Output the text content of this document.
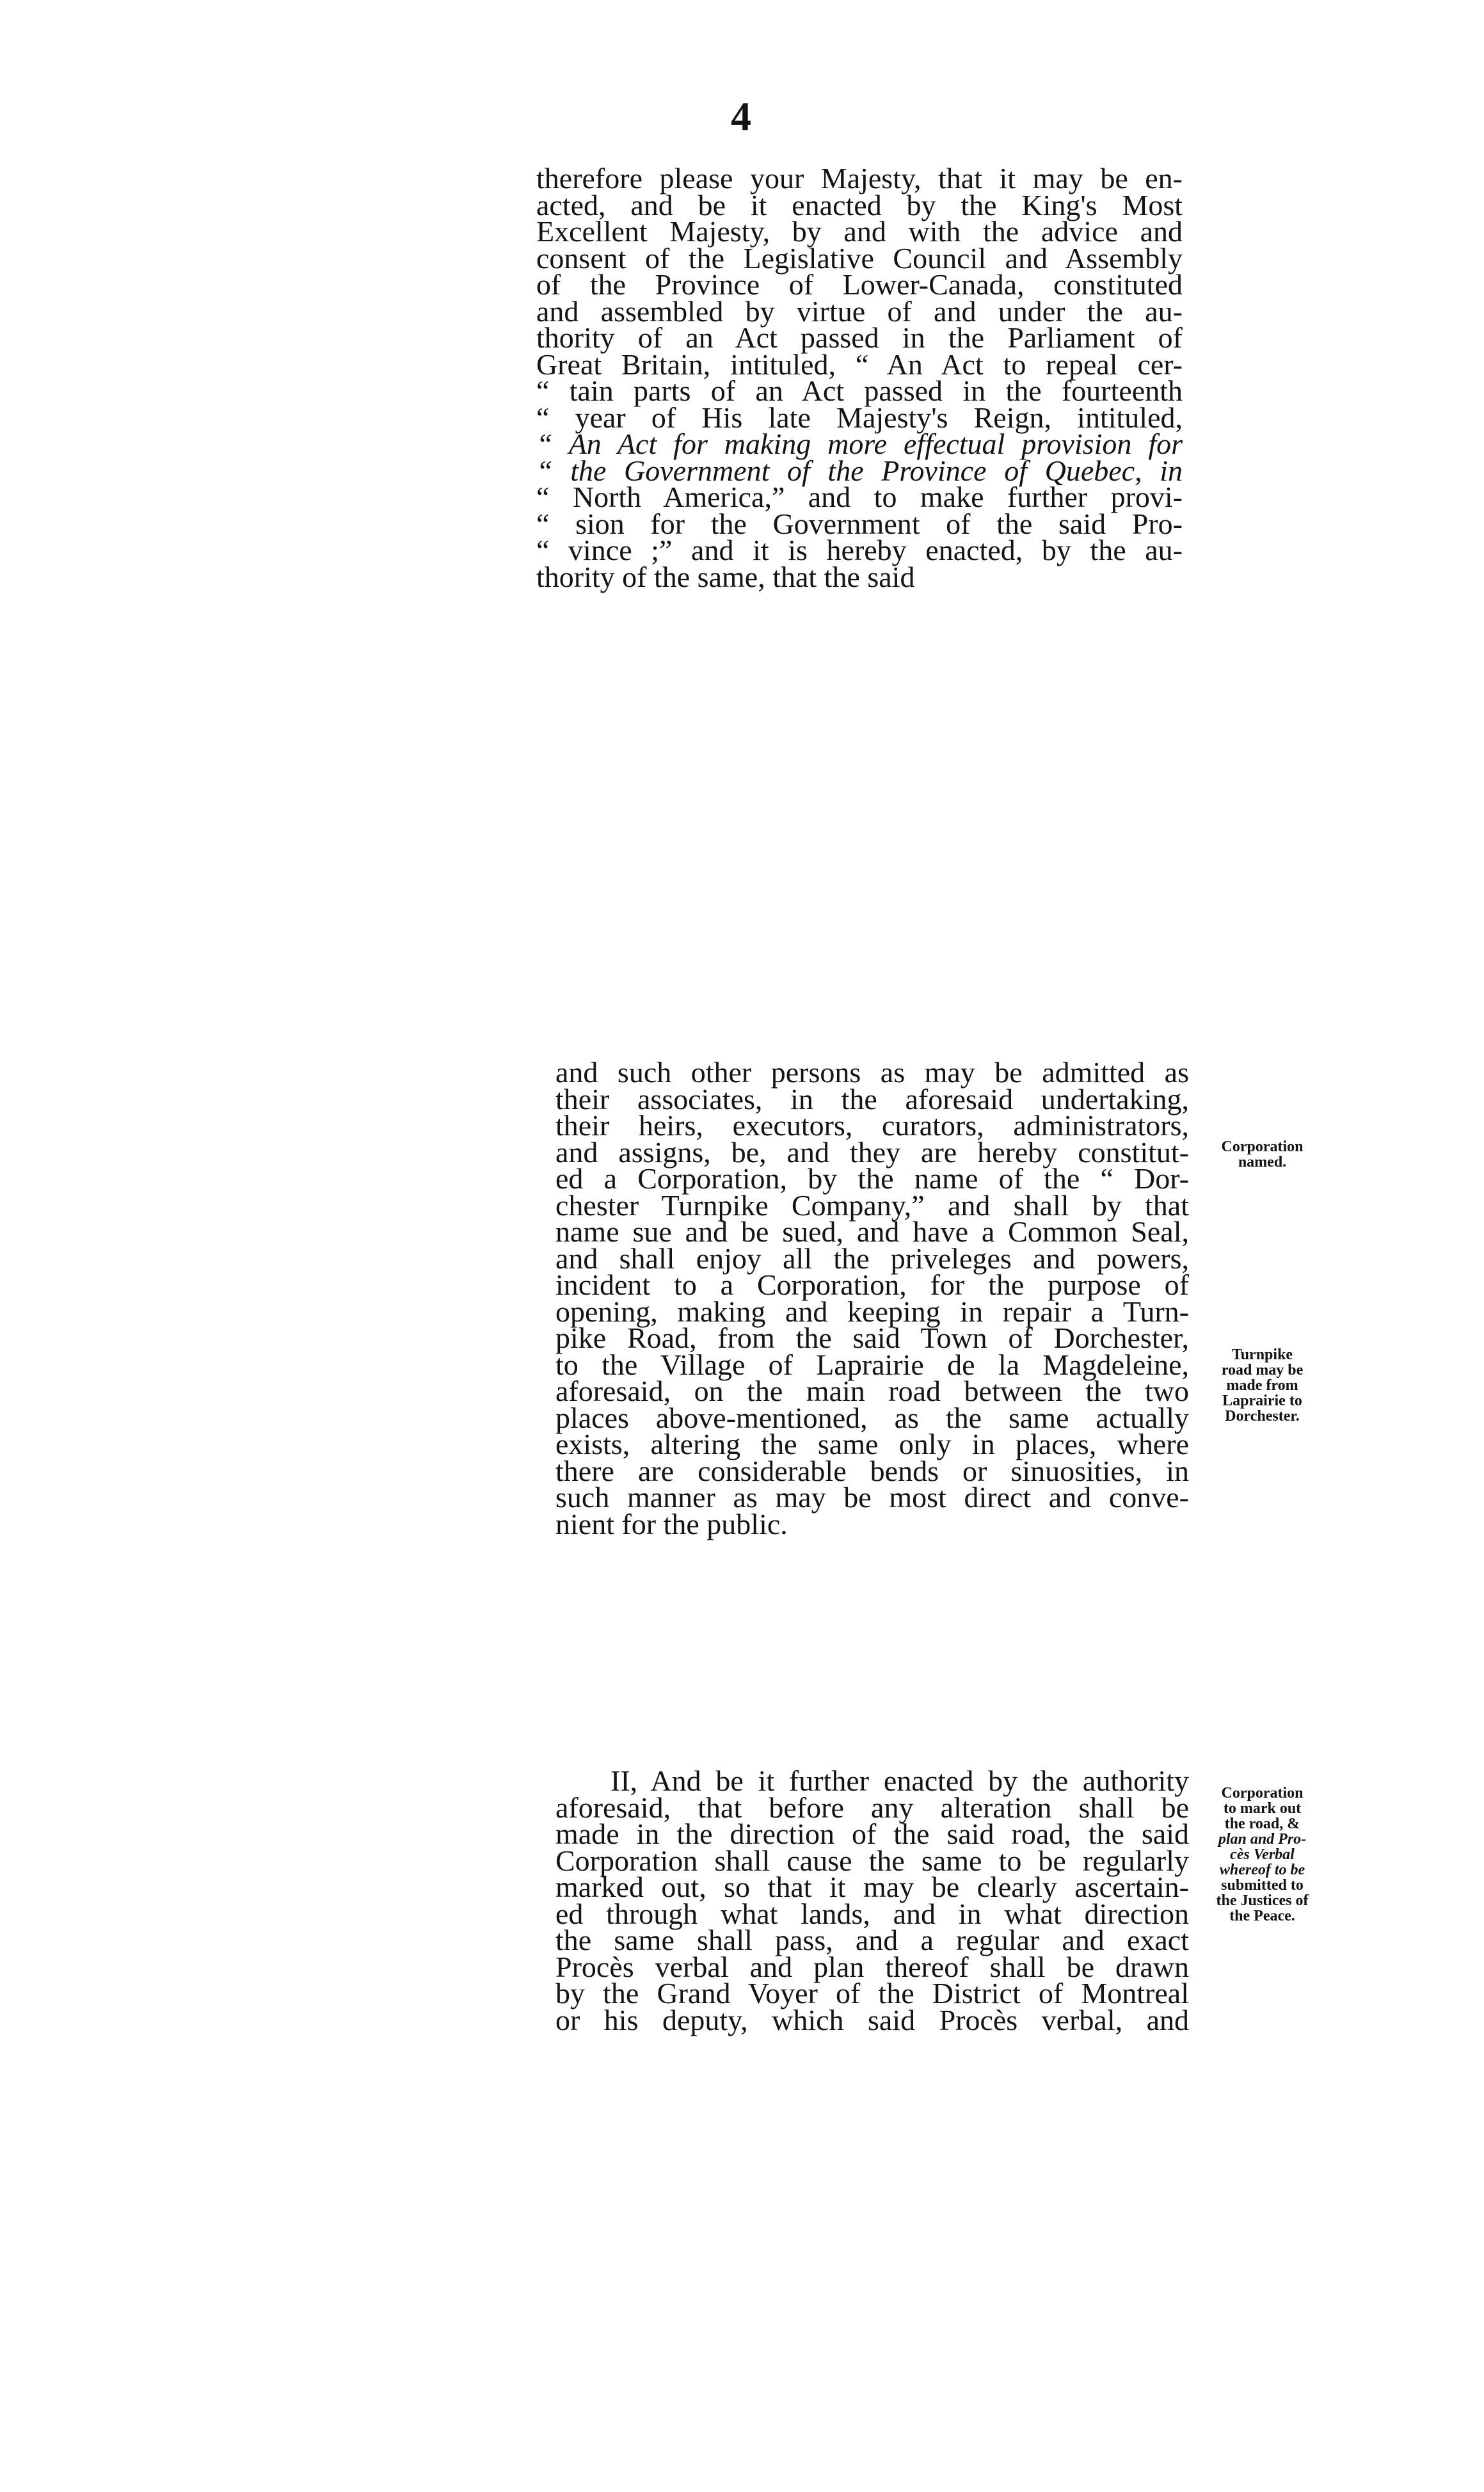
4
therefore please your Majesty, that it may be en-
acted, and be it enacted by the King's Most
Excellent Majesty, by and with the advice and
consent of the Legislative Council and Assembly
of the Province of Lower-Canada, constituted
and assembled by virtue of and under the au-
thority of an Act passed in the Parliament of
Great Britain, intituled, “ An Act to repeal cer-
“ tain parts of an Act passed in the fourteenth
“ year of His late Majesty's Reign, intituled,
“ An Act for making more effectual provision for
“ the Government of the Province of Quebec, in
“ North America,” and to make further provi-
“ sion for the Government of the said Pro-
“ vince ;” and it is hereby enacted, by the au-
thority of the same, that the said
and such other persons as may be admitted as
their associates, in the aforesaid undertaking,
their heirs, executors, curators, administrators,
and assigns, be, and they are hereby constitut-
ed a Corporation, by the name of the “ Dor-
chester Turnpike Company,” and shall by that
name sue and be sued, and have a Common Seal,
and shall enjoy all the priveleges and powers,
incident to a Corporation, for the purpose of
opening, making and keeping in repair a Turn-
pike Road, from the said Town of Dorchester,
to the Village of Laprairie de la Magdeleine,
aforesaid, on the main road between the two
places above-mentioned, as the same actually
exists, altering the same only in places, where
there are considerable bends or sinuosities, in
such manner as may be most direct and conve-
nient for the public.
II, And be it further enacted by the authority
aforesaid, that before any alteration shall be
made in the direction of the said road, the said
Corporation shall cause the same to be regularly
marked out, so that it may be clearly ascertain-
ed through what lands, and in what direction
the same shall pass, and a regular and exact
Procès verbal and plan thereof shall be drawn
by the Grand Voyer of the District of Montreal
or his deputy, which said Procès verbal, and
Corporation
named.
Turnpike
road may be
made from
Laprairie to
Dorchester.
Corporation
to mark out
the road, &
plan and Pro-
cès Verbal
whereof to be
submitted to
the Justices of
the Peace.
